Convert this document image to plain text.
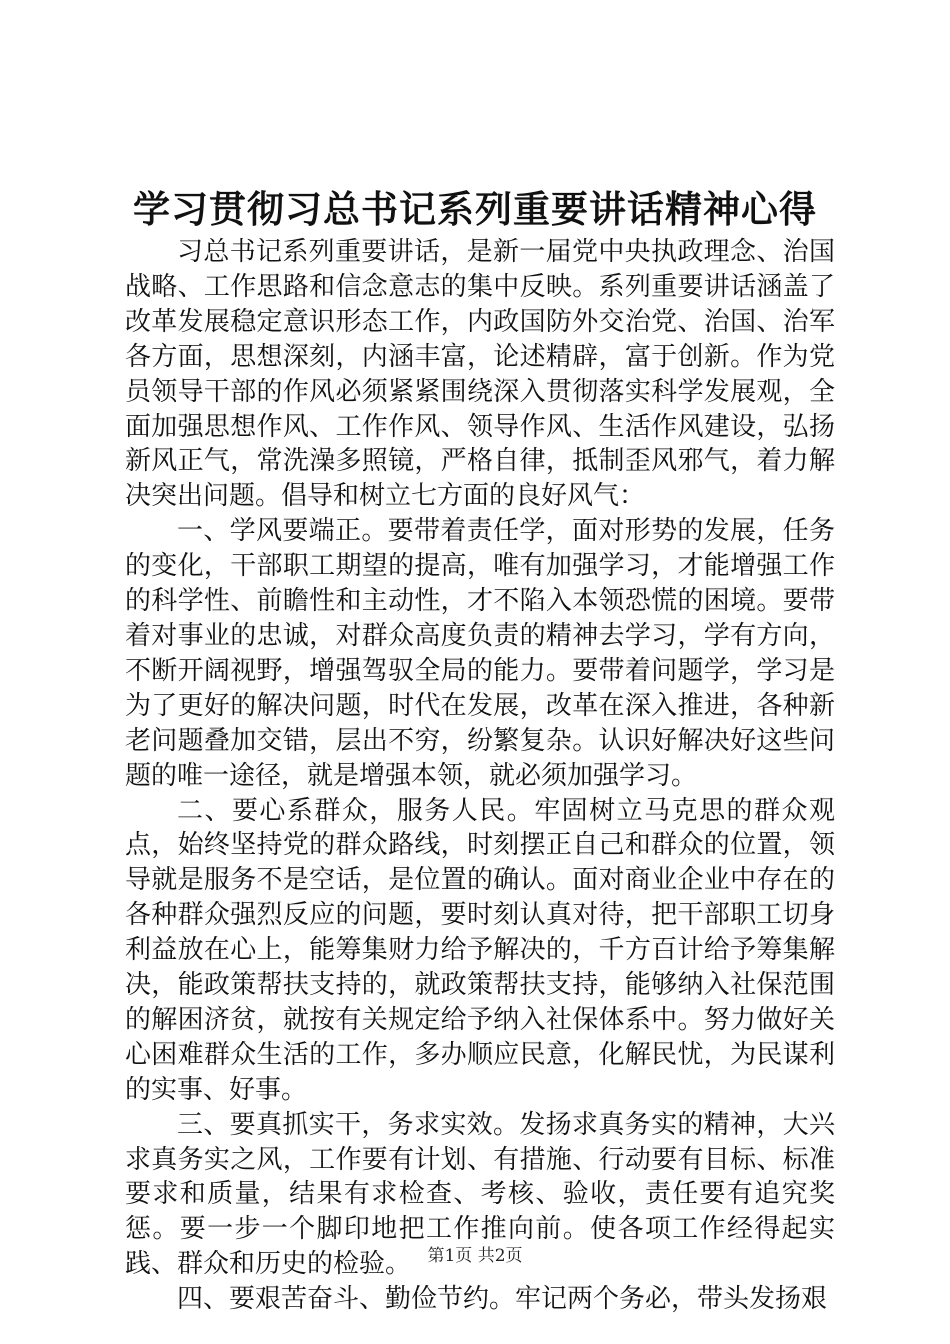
学习贯彻习总书记系列重要讲话精神心得

习总书记系列重要讲话，是新一届党中央执政理念、治国战略、工作思路和信念意志的集中反映。系列重要讲话涵盖了改革发展稳定意识形态工作，内政国防外交治党、治国、治军各方面，思想深刻，内涵丰富，论述精辟，富于创新。作为党员领导干部的作风必须紧紧围绕深入贯彻落实科学发展观，全面加强思想作风、工作作风、领导作风、生活作风建设，弘扬新风正气，常洗澡多照镜，严格自律，抵制歪风邪气，着力解决突出问题。倡导和树立七方面的良好风气：

一、学风要端正。要带着责任学，面对形势的发展，任务的变化，干部职工期望的提高，唯有加强学习，才能增强工作的科学性、前瞻性和主动性，才不陷入本领恐慌的困境。要带着对事业的忠诚，对群众高度负责的精神去学习，学有方向，不断开阔视野，增强驾驭全局的能力。要带着问题学，学习是为了更好的解决问题，时代在发展，改革在深入推进，各种新老问题叠加交错，层出不穷，纷繁复杂。认识好解决好这些问题的唯一途径，就是增强本领，就必须加强学习。

二、要心系群众，服务人民。牢固树立马克思的群众观点，始终坚持党的群众路线，时刻摆正自己和群众的位置，领导就是服务不是空话，是位置的确认。面对商业企业中存在的各种群众强烈反应的问题，要时刻认真对待，把干部职工切身利益放在心上，能筹集财力给予解决的，千方百计给予筹集解决，能政策帮扶支持的，就政策帮扶支持，能够纳入社保范围的解困济贫，就按有关规定给予纳入社保体系中。努力做好关心困难群众生活的工作，多办顺应民意，化解民忧，为民谋利的实事、好事。

三、要真抓实干，务求实效。发扬求真务实的精神，大兴求真务实之风，工作要有计划、有措施、行动要有目标、标准要求和质量，结果有求检查、考核、验收，责任要有追究奖惩。要一步一个脚印地把工作推向前。使各项工作经得起实践、群众和历史的检验。

四、要艰苦奋斗、勤俭节约。牢记两个务必，带头发扬艰

第1页 共2页
